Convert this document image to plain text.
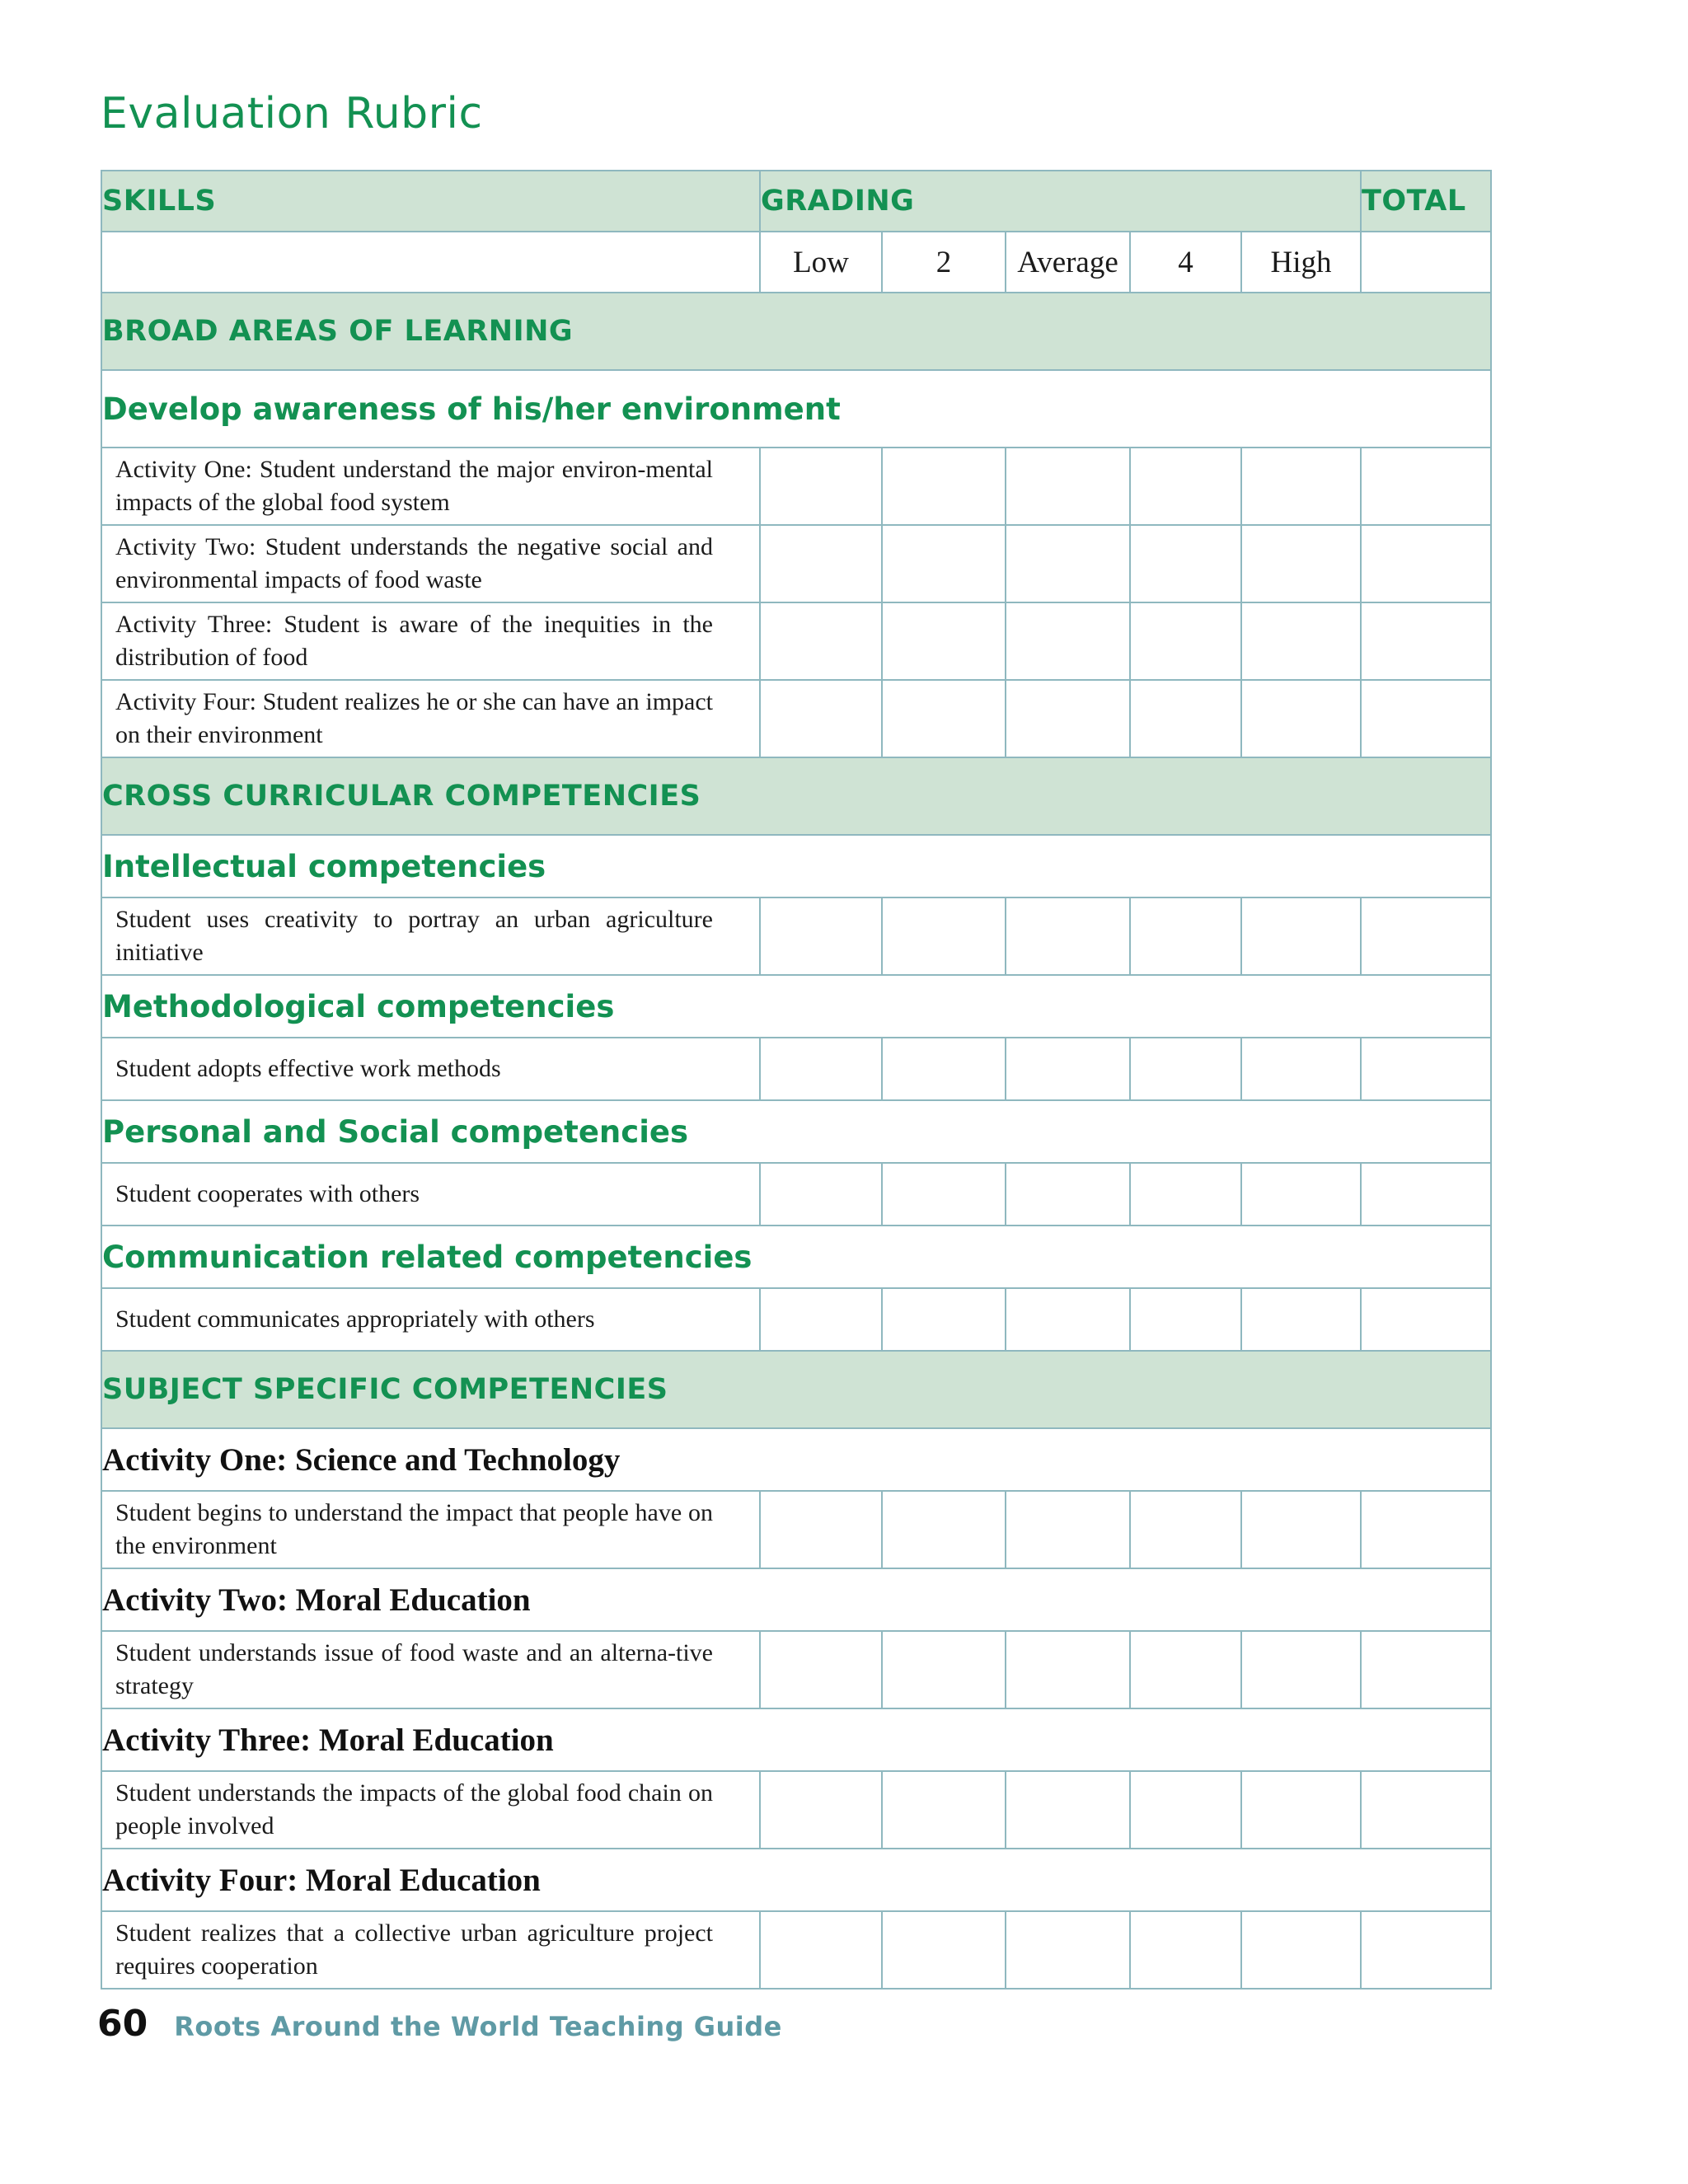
Evaluation Rubric
SKILLS	GRADING					TOTAL
	Low	2	Average	4	High	
BROAD AREAS OF LEARNING						
Develop awareness of his/her environment						
Activity One: Student understand the major environ-mental impacts of the global food system						
Activity Two: Student understands the negative social and environmental impacts of food waste						
Activity Three: Student is aware of the inequities in the distribution of food						
Activity Four: Student realizes he or she can have an impact on their environment						
CROSS CURRICULAR COMPETENCIES						
Intellectual competencies						
Student uses creativity to portray an urban agriculture initiative						
Methodological competencies						
Student adopts effective work methods						
Personal and Social competencies						
Student cooperates with others						
Communication related competencies						
Student communicates appropriately with others						
SUBJECT SPECIFIC COMPETENCIES						
Activity One: Science and Technology						
Student begins to understand the impact that people have on the environment						
Activity Two: Moral Education						
Student understands issue of food waste and an alterna-tive strategy						
Activity Three: Moral Education						
Student understands the impacts of the global food chain on people involved						
Activity Four: Moral Education						
Student realizes that a collective urban agriculture project requires cooperation						
60 Roots Around the World Teaching Guide
